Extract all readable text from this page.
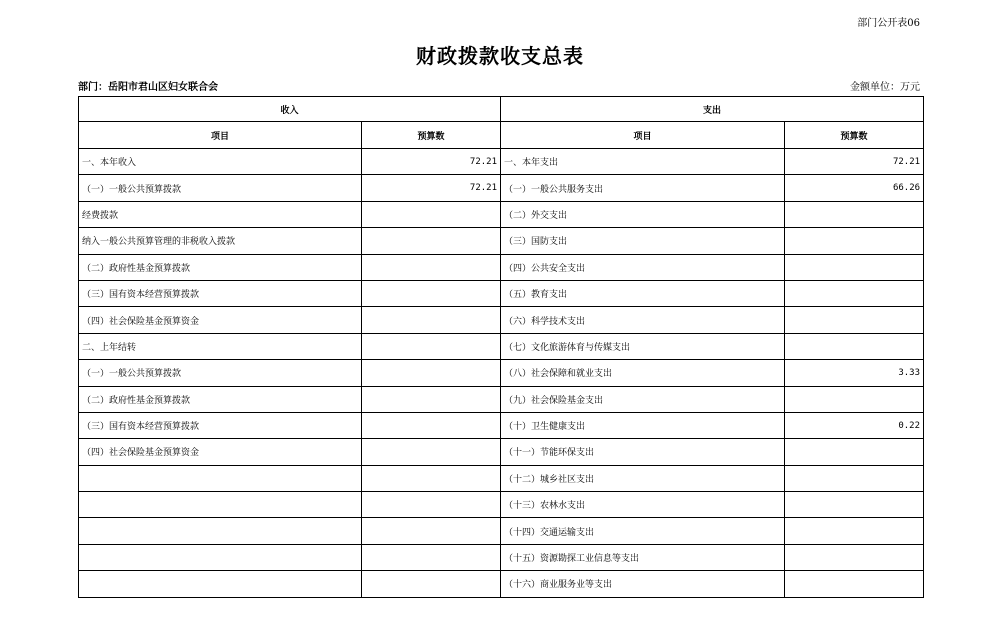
部门公开表06
财政拨款收支总表
部门：岳阳市君山区妇女联合会	金额单位：万元
收入		支出	
项目	预算数	项目	预算数
一、本年收入	72.21	一、本年支出	72.21
（一）一般公共预算拨款	72.21	（一）一般公共服务支出	66.26
经费拨款		（二）外交支出	
纳入一般公共预算管理的非税收入拨款		（三）国防支出	
（二）政府性基金预算拨款		（四）公共安全支出	
（三）国有资本经营预算拨款		（五）教育支出	
（四）社会保险基金预算资金		（六）科学技术支出	
二、上年结转		（七）文化旅游体育与传媒支出	
（一）一般公共预算拨款		（八）社会保障和就业支出	3.33
（二）政府性基金预算拨款		（九）社会保险基金支出	
（三）国有资本经营预算拨款		（十）卫生健康支出	0.22
（四）社会保险基金预算资金		（十一）节能环保支出	
		（十二）城乡社区支出	
		（十三）农林水支出	
		（十四）交通运输支出	
		（十五）资源勘探工业信息等支出	
		（十六）商业服务业等支出	
